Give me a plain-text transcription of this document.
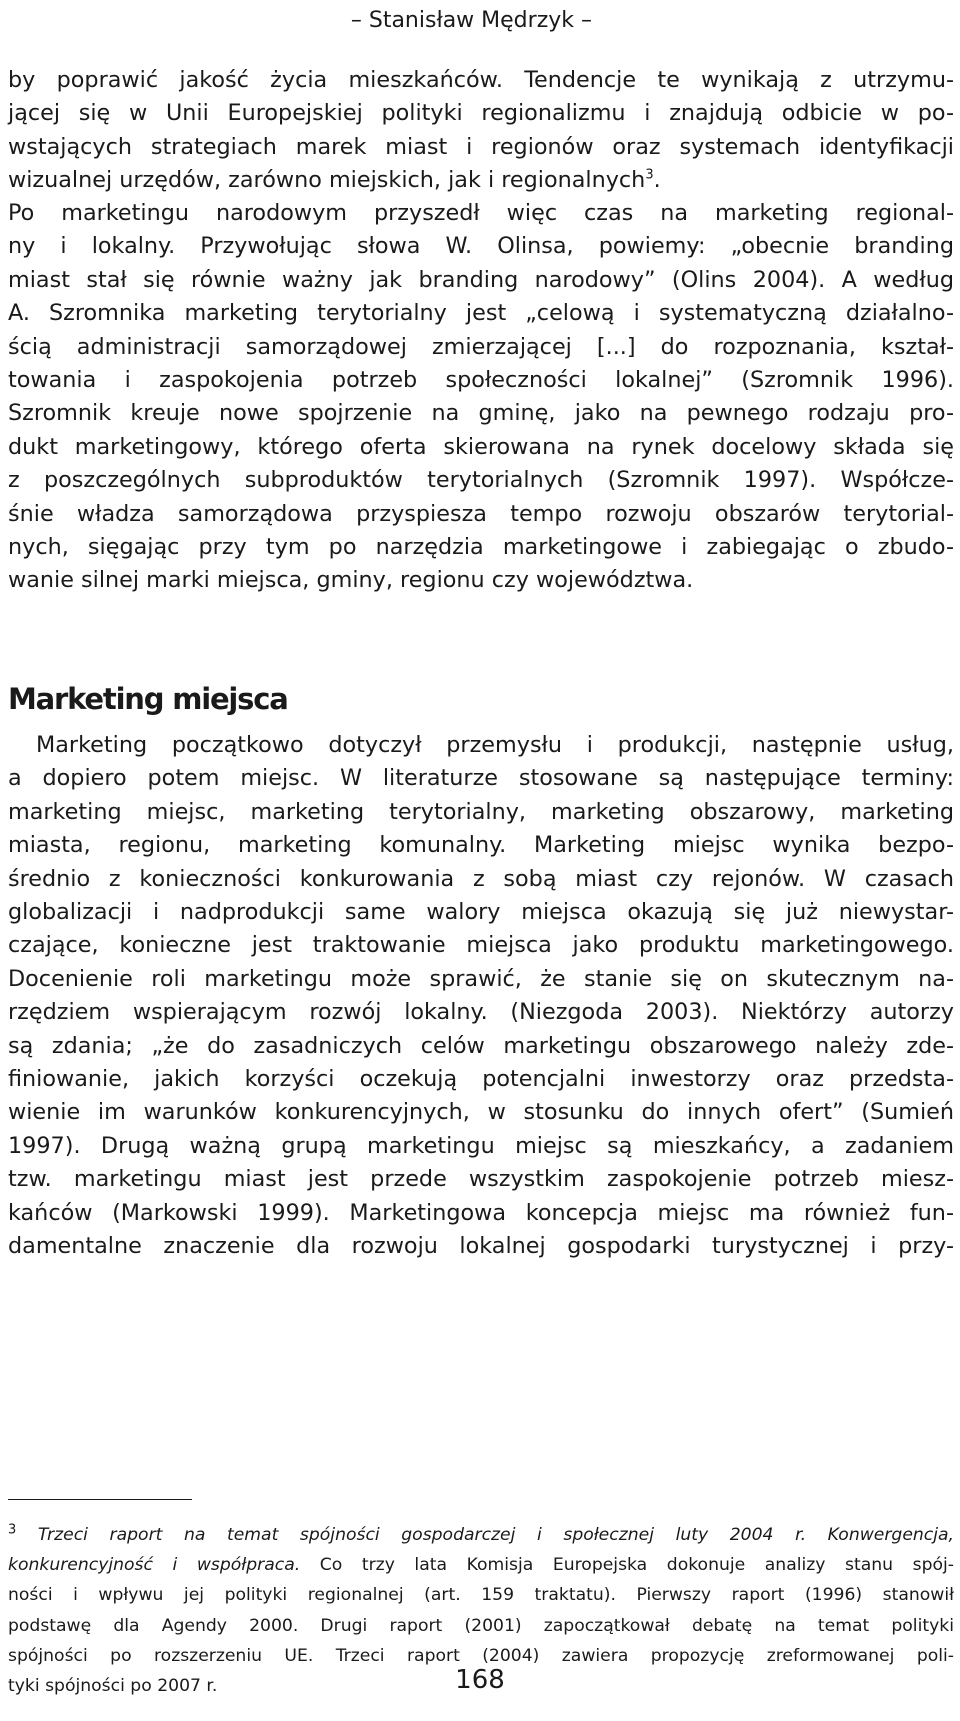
– Stanisław Mędrzyk –
by poprawić jakość życia mieszkańców. Tendencje te wynikają z utrzymu-
jącej się w Unii Europejskiej polityki regionalizmu i znajdują odbicie w po-
wstających strategiach marek miast i regionów oraz systemach identyfikacji
wizualnej urzędów, zarówno miejskich, jak i regionalnych$^3$.
Po marketingu narodowym przyszedł więc czas na marketing regional-
ny i lokalny. Przywołując słowa W. Olinsa, powiemy: „obecnie branding
miast stał się równie ważny jak branding narodowy” (Olins 2004). A według
A. Szromnika marketing terytorialny jest „celową i systematyczną działalno-
ścią administracji samorządowej zmierzającej [...] do rozpoznania, kształ-
towania i zaspokojenia potrzeb społeczności lokalnej” (Szromnik 1996).
Szromnik kreuje nowe spojrzenie na gminę, jako na pewnego rodzaju pro-
dukt marketingowy, którego oferta skierowana na rynek docelowy składa się
z poszczególnych subproduktów terytorialnych (Szromnik 1997). Współcze-
śnie władza samorządowa przyspiesza tempo rozwoju obszarów terytorial-
nych, sięgając przy tym po narzędzia marketingowe i zabiegając o zbudo-
wanie silnej marki miejsca, gminy, regionu czy województwa.
Marketing miejsca
Marketing początkowo dotyczył przemysłu i produkcji, następnie usług,
a dopiero potem miejsc. W literaturze stosowane są następujące terminy:
marketing miejsc, marketing terytorialny, marketing obszarowy, marketing
miasta, regionu, marketing komunalny. Marketing miejsc wynika bezpo-
średnio z konieczności konkurowania z sobą miast czy rejonów. W czasach
globalizacji i nadprodukcji same walory miejsca okazują się już niewystar-
czające, konieczne jest traktowanie miejsca jako produktu marketingowego.
Docenienie roli marketingu może sprawić, że stanie się on skutecznym na-
rzędziem wspierającym rozwój lokalny. (Niezgoda 2003). Niektórzy autorzy
są zdania; „że do zasadniczych celów marketingu obszarowego należy zde-
finiowanie, jakich korzyści oczekują potencjalni inwestorzy oraz przedsta-
wienie im warunków konkurencyjnych, w stosunku do innych ofert” (Sumień
1997). Drugą ważną grupą marketingu miejsc są mieszkańcy, a zadaniem
tzw. marketingu miast jest przede wszystkim zaspokojenie potrzeb miesz-
kańców (Markowski 1999). Marketingowa koncepcja miejsc ma również fun-
damentalne znaczenie dla rozwoju lokalnej gospodarki turystycznej i przy-
$^3$ Trzeci raport na temat spójności gospodarczej i społecznej luty 2004 r. Konwergencja,
konkurencyjność i współpraca. Co trzy lata Komisja Europejska dokonuje analizy stanu spój-
ności i wpływu jej polityki regionalnej (art. 159 traktatu). Pierwszy raport (1996) stanowił
podstawę dla Agendy 2000. Drugi raport (2001) zapoczątkował debatę na temat polityki
spójności po rozszerzeniu UE. Trzeci raport (2004) zawiera propozycję zreformowanej poli-
tyki spójności po 2007 r.	168
